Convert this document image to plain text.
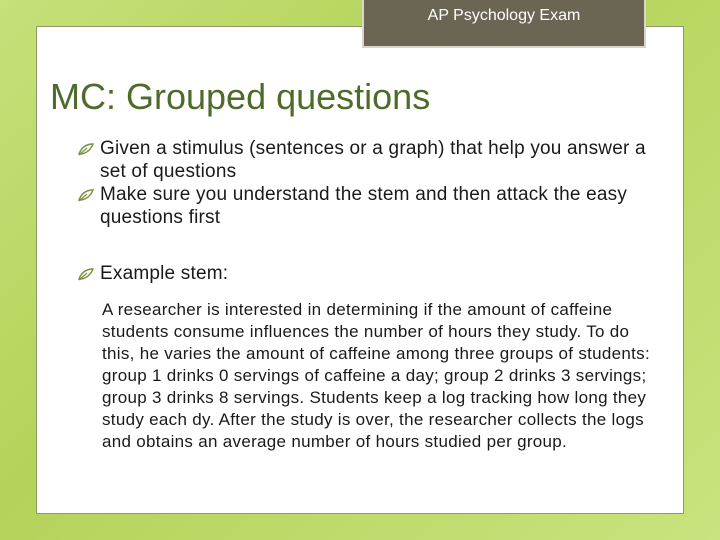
AP Psychology Exam
MC: Grouped questions
Given a stimulus (sentences or a graph) that help you answer a set of questions
Make sure you understand the stem and then attack the easy questions first
Example stem:
A researcher is interested in determining if the amount of caffeine students consume influences the number of hours they study. To do this, he varies the amount of caffeine among three groups of students: group 1 drinks 0 servings of caffeine a day; group 2 drinks 3 servings; group 3 drinks 8 servings. Students keep a log tracking how long they study each dy. After the study is over, the researcher collects the logs and obtains an average number of hours studied per group.
